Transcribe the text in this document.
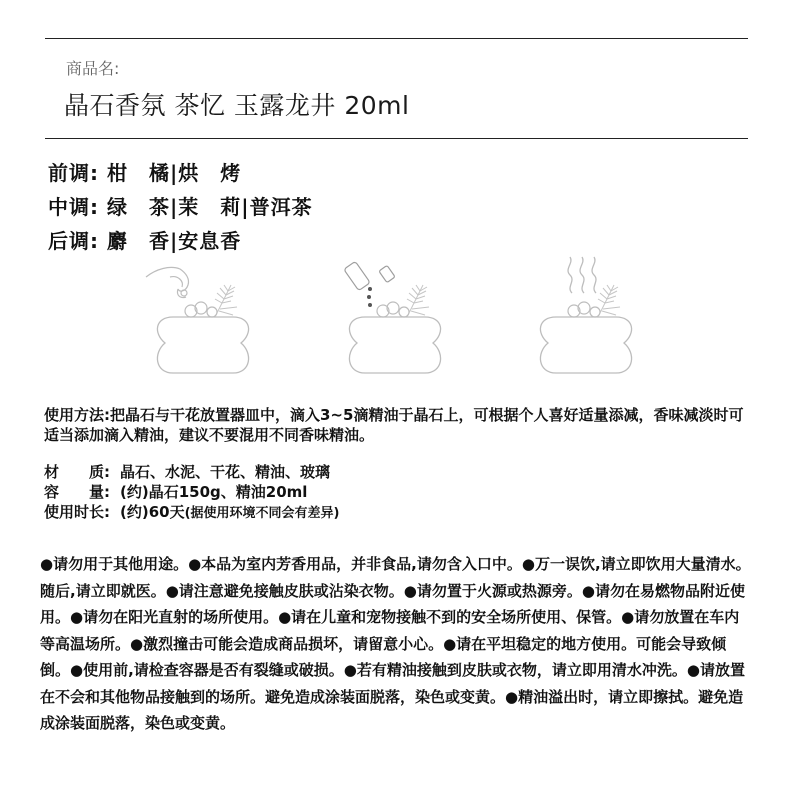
商品名:
晶石香氛 茶忆 玉露龙井 20ml
前调: 柑　橘|烘　烤
中调: 绿　茶|茉　莉|普洱茶
后调: 麝　香|安息香
使用方法:把晶石与干花放置器皿中，滴入3~5滴精油于晶石上，可根据个人喜好适量添减，香味减淡时可适当添加滴入精油，建议不要混用不同香味精油。
材　　质: 晶石、水泥、干花、精油、玻璃
容　　量: (约)晶石150g、精油20ml
使用时长: (约)60天(据使用环境不同会有差异)
●请勿用于其他用途。●本品为室内芳香用品，并非食品,请勿含入口中。●万一误饮,请立即饮用大量清水。随后,请立即就医。●请注意避免接触皮肤或沾染衣物。●请勿置于火源或热源旁。●请勿在易燃物品附近使用。●请勿在阳光直射的场所使用。●请在儿童和宠物接触不到的安全场所使用、保管。●请勿放置在车内等高温场所。●激烈撞击可能会造成商品损坏，请留意小心。●请在平坦稳定的地方使用。可能会导致倾倒。●使用前,请检查容器是否有裂缝或破损。●若有精油接触到皮肤或衣物，请立即用清水冲洗。●请放置在不会和其他物品接触到的场所。避免造成涂装面脱落，染色或变黄。●精油溢出时，请立即擦拭。避免造成涂装面脱落，染色或变黄。
